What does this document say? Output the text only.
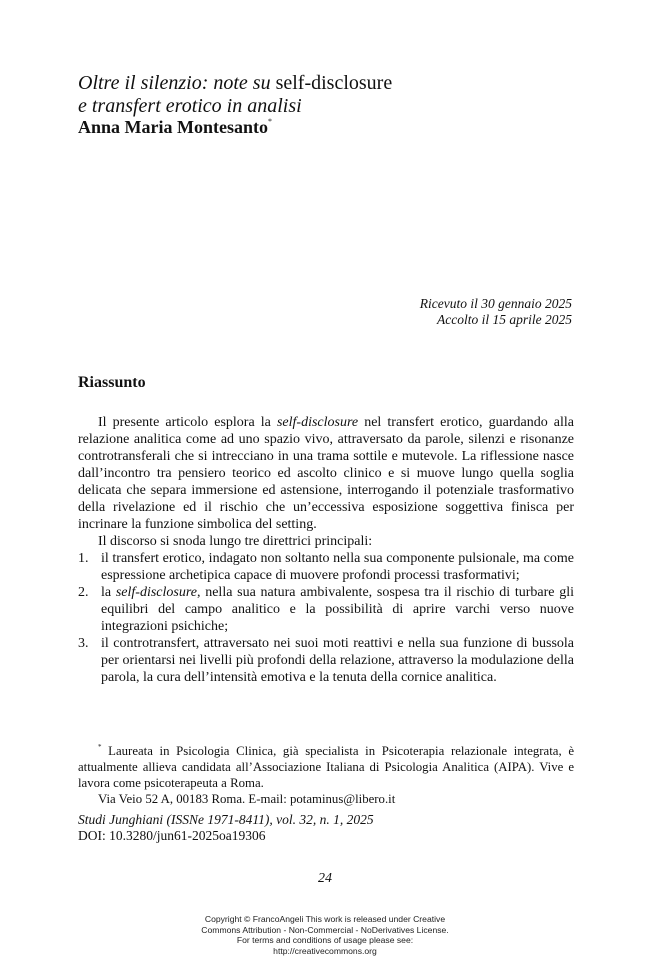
Oltre il silenzio: note su self-disclosure
e transfert erotico in analisi
Anna Maria Montesanto*
Ricevuto il 30 gennaio 2025
Accolto il 15 aprile 2025
Riassunto

Il presente articolo esplora la self-disclosure nel transfert erotico, guardando alla relazione analitica come ad uno spazio vivo, attraversato da parole, silenzi e risonanze controtransferali che si intrecciano in una trama sottile e mutevole. La riflessione nasce dall’incontro tra pensiero teorico ed ascolto clinico e si muove lungo quella soglia delicata che separa immersione ed astensione, interrogando il potenziale trasformativo della rivelazione ed il rischio che un’eccessiva esposizione soggettiva finisca per incrinare la funzione simbolica del setting.

Il discorso si snoda lungo tre direttrici principali:

1. il transfert erotico, indagato non soltanto nella sua componente pulsionale, ma come espressione archetipica capace di muovere profondi processi trasformativi;
2. la self-disclosure, nella sua natura ambivalente, sospesa tra il rischio di turbare gli equilibri del campo analitico e la possibilità di aprire varchi verso nuove integrazioni psichiche;
3. il controtransfert, attraversato nei suoi moti reattivi e nella sua funzione di bussola per orientarsi nei livelli più profondi della relazione, attraverso la modulazione della parola, la cura dell’intensità emotiva e la tenuta della cornice analitica.

* Laureata in Psicologia Clinica, già specialista in Psicoterapia relazionale integrata, è attualmente allieva candidata all’Associazione Italiana di Psicologia Analitica (AIPA). Vive e lavora come psicoterapeuta a Roma.

Via Veio 52 A, 00183 Roma. E-mail: potaminus@libero.it

Studi Junghiani (ISSNe 1971-8411), vol. 32, n. 1, 2025
DOI: 10.3280/jun61-2025oa19306
24
Copyright © FrancoAngeli This work is released under Creative
Commons Attribution - Non-Commercial - NoDerivatives License.
For terms and conditions of usage please see:
http://creativecommons.org
